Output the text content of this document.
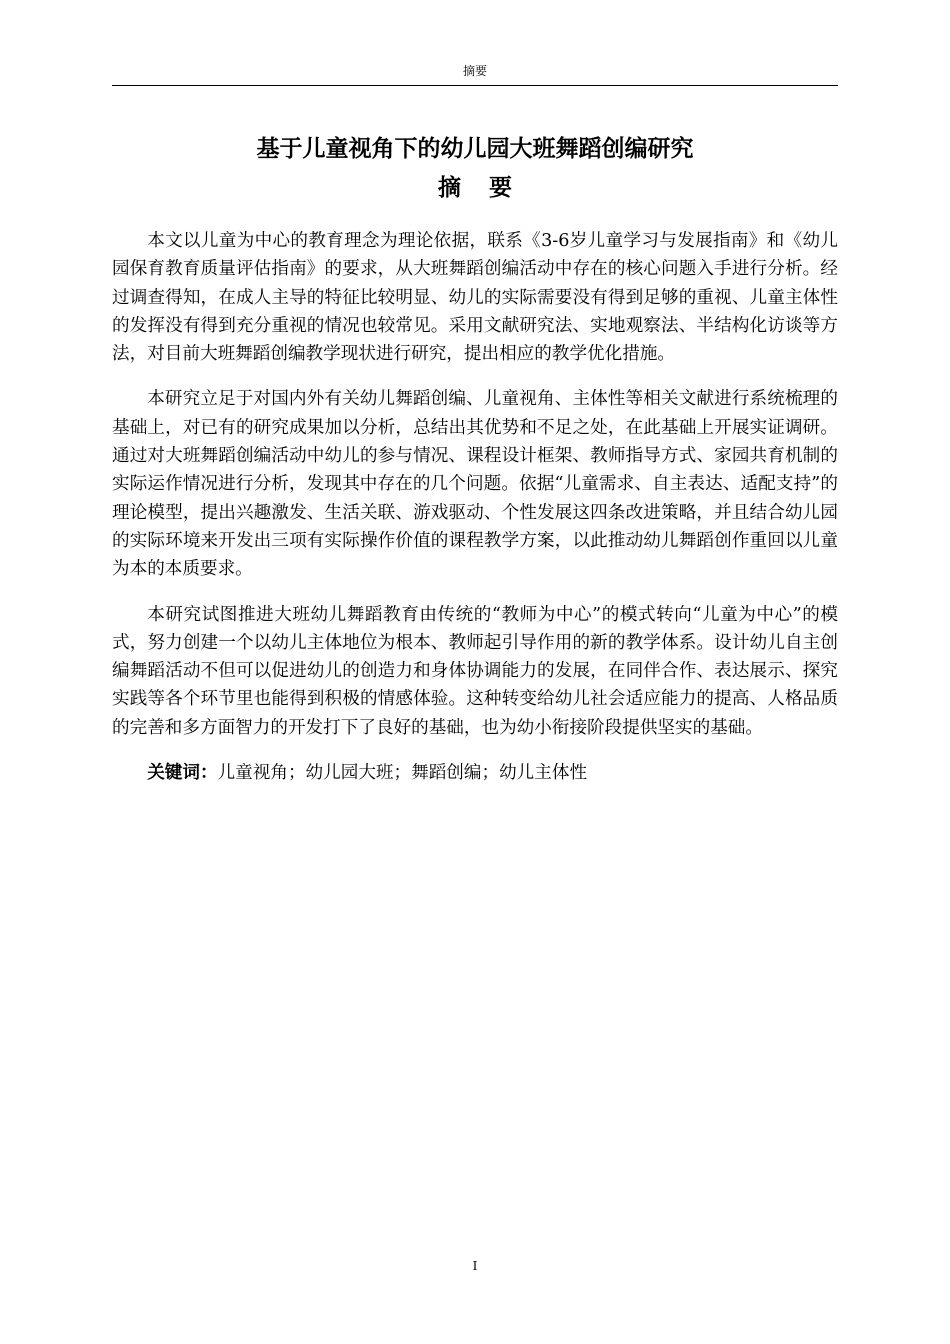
摘要
基于儿童视角下的幼儿园大班舞蹈创编研究
摘 要

本文以儿童为中心的教育理念为理论依据，联系《3-6岁儿童学习与发展指南》和《幼儿园保育教育质量评估指南》的要求，从大班舞蹈创编活动中存在的核心问题入手进行分析。经过调查得知，在成人主导的特征比较明显、幼儿的实际需要没有得到足够的重视、儿童主体性的发挥没有得到充分重视的情况也较常见。采用文献研究法、实地观察法、半结构化访谈等方法，对目前大班舞蹈创编教学现状进行研究，提出相应的教学优化措施。

本研究立足于对国内外有关幼儿舞蹈创编、儿童视角、主体性等相关文献进行系统梳理的基础上，对已有的研究成果加以分析，总结出其优势和不足之处，在此基础上开展实证调研。通过对大班舞蹈创编活动中幼儿的参与情况、课程设计框架、教师指导方式、家园共育机制的实际运作情况进行分析，发现其中存在的几个问题。依据“儿童需求、自主表达、适配支持”的理论模型，提出兴趣激发、生活关联、游戏驱动、个性发展这四条改进策略，并且结合幼儿园的实际环境来开发出三项有实际操作价值的课程教学方案，以此推动幼儿舞蹈创作重回以儿童为本的本质要求。

本研究试图推进大班幼儿舞蹈教育由传统的“教师为中心”的模式转向“儿童为中心”的模式，努力创建一个以幼儿主体地位为根本、教师起引导作用的新的教学体系。设计幼儿自主创编舞蹈活动不但可以促进幼儿的创造力和身体协调能力的发展，在同伴合作、表达展示、探究实践等各个环节里也能得到积极的情感体验。这种转变给幼儿社会适应能力的提高、人格品质的完善和多方面智力的开发打下了良好的基础，也为幼小衔接阶段提供坚实的基础。

关键词：儿童视角；幼儿园大班；舞蹈创编；幼儿主体性

I
